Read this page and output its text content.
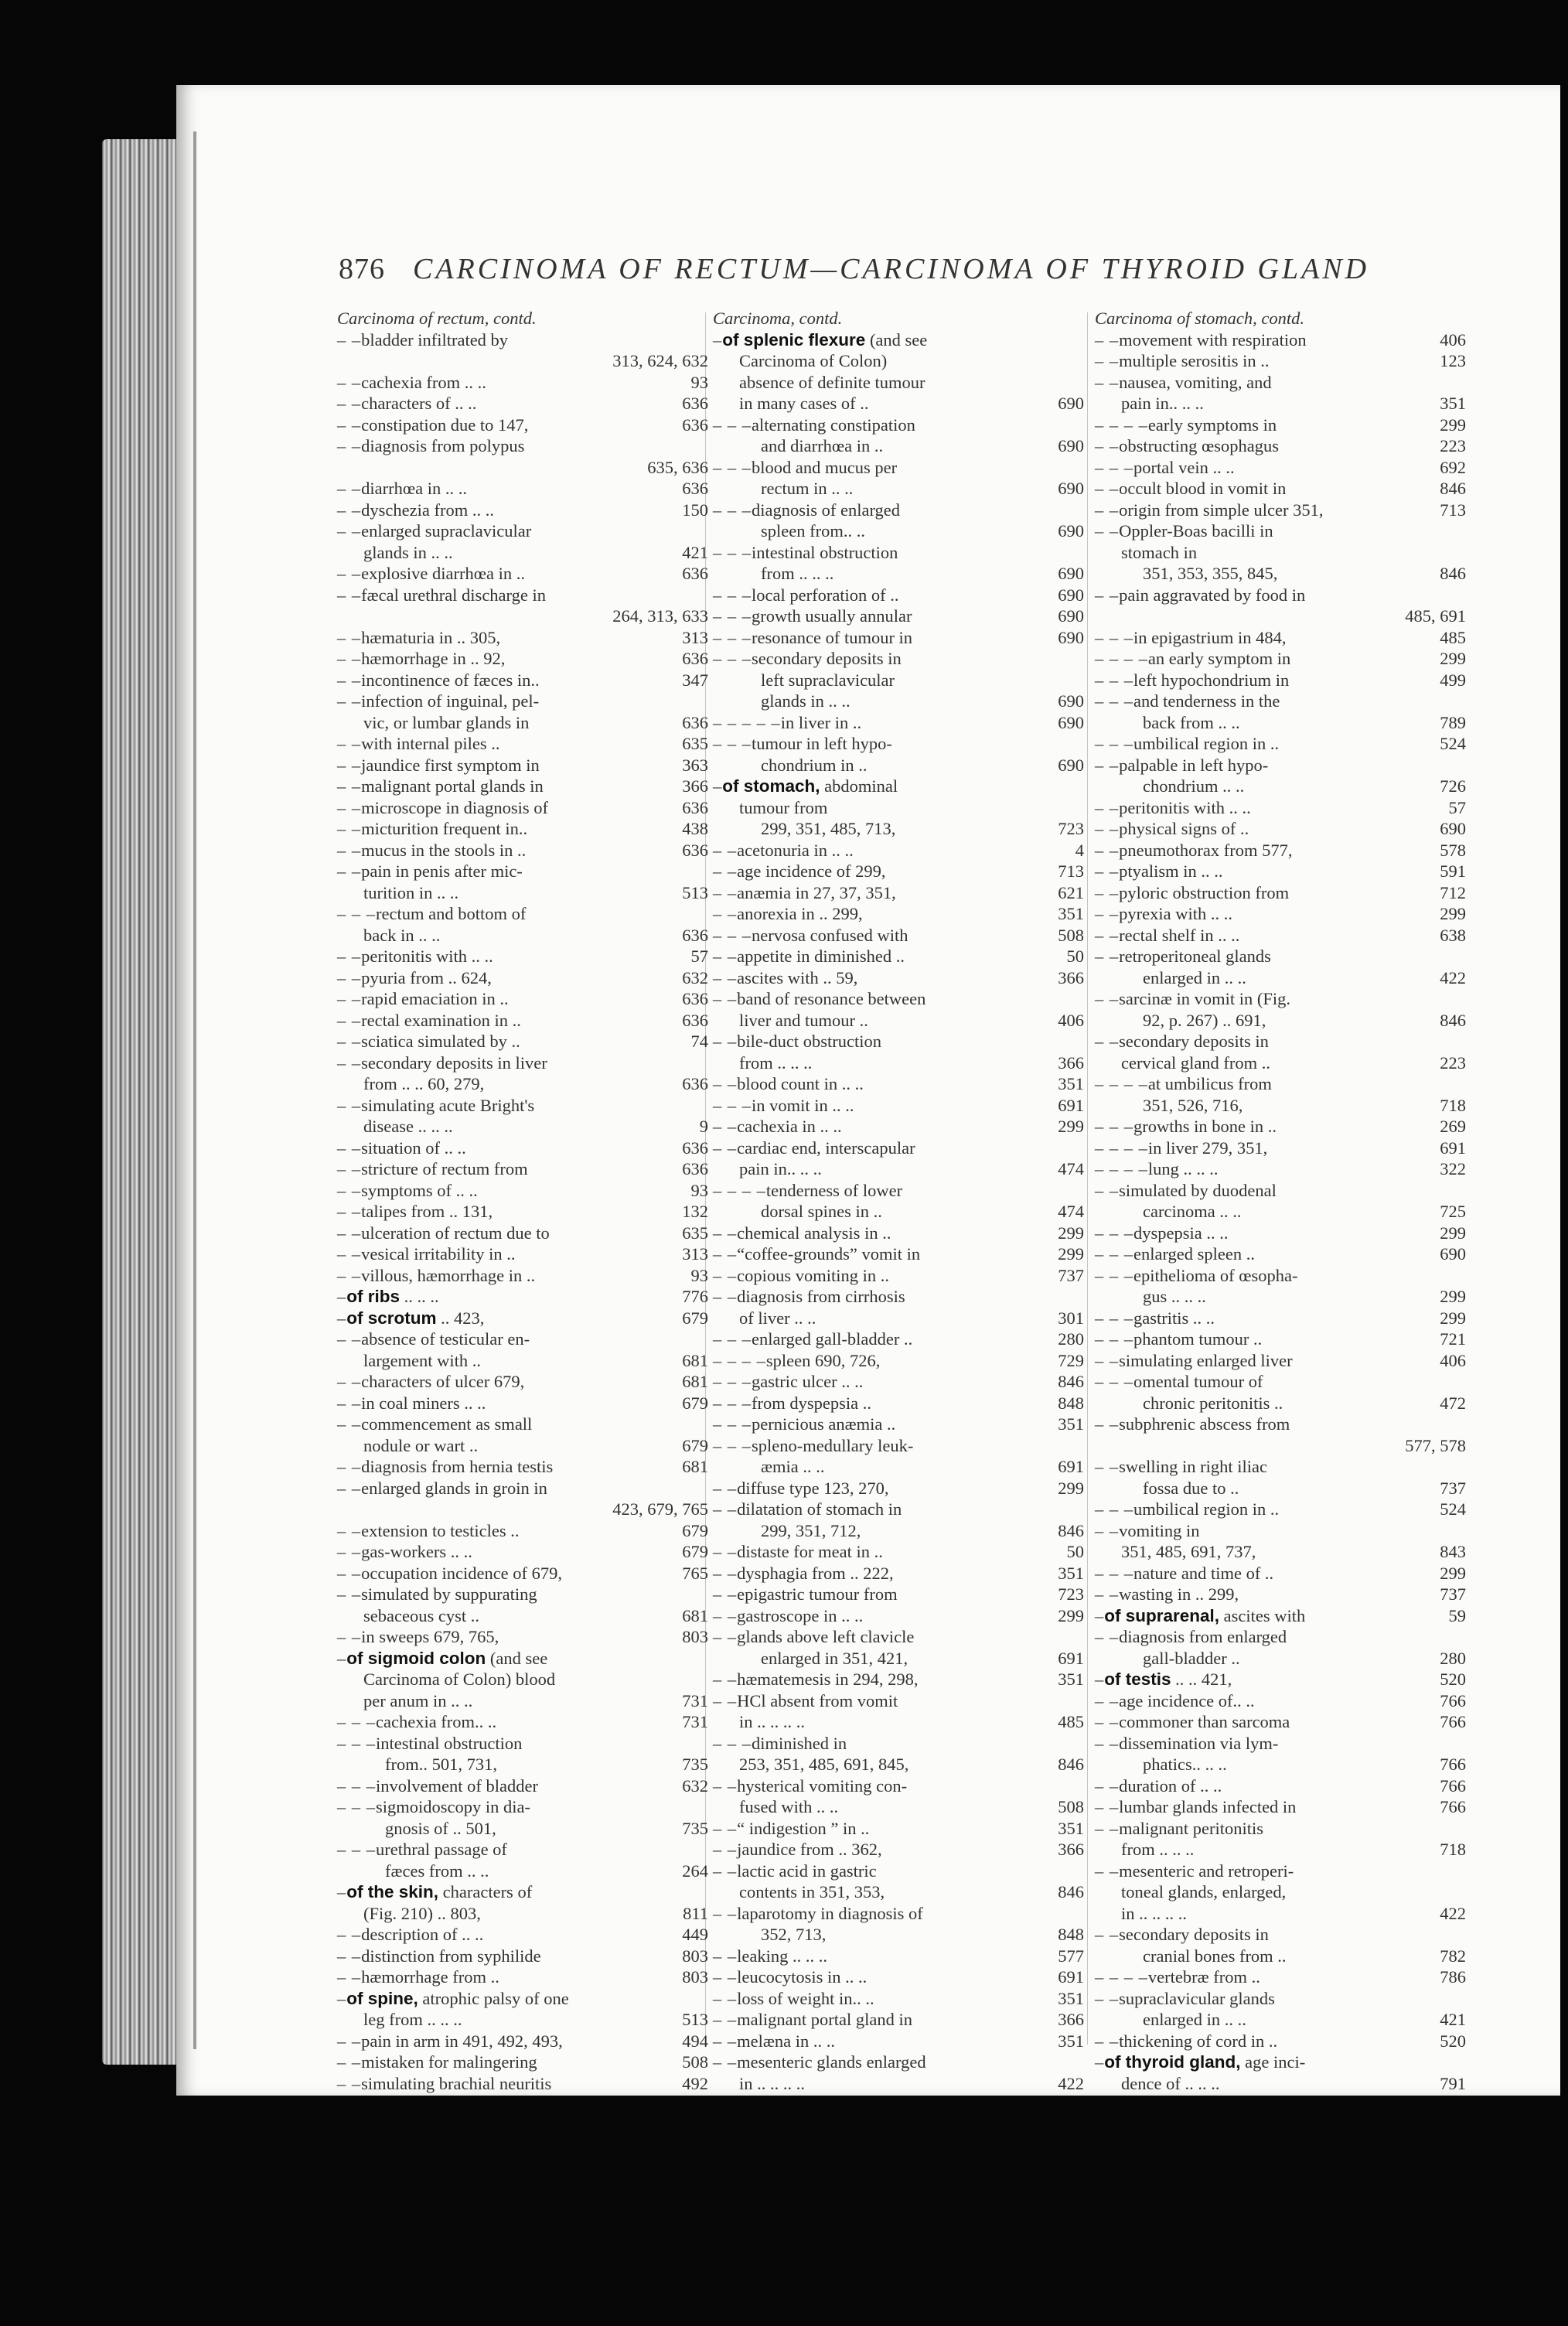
876 CARCINOMA OF RECTUM—CARCINOMA OF THYROID GLAND
Carcinoma of rectum, contd.
– – bladder infiltrated by
313, 624, 632
– – cachexia from .. ..	93
– – characters of .. ..	636
– – constipation due to 147,	636
– – diagnosis from polypus
635, 636
– – diarrhœa in .. ..	636
– – dyschezia from .. ..	150
– – enlarged supraclavicular
glands in .. ..	421
– – explosive diarrhœa in ..	636
– – fæcal urethral discharge in
264, 313, 633
– – hæmaturia in .. 305,	313
– – hæmorrhage in .. 92,	636
– – incontinence of fæces in..	347
– – infection of inguinal, pel-
vic, or lumbar glands in	636
– – with internal piles ..	635
– – jaundice first symptom in	363
– – malignant portal glands in	366
– – microscope in diagnosis of	636
– – micturition frequent in..	438
– – mucus in the stools in ..	636
– – pain in penis after mic-
turition in .. ..	513
– – – rectum and bottom of
back in .. ..	636
– – peritonitis with .. ..	57
– – pyuria from .. 624,	632
– – rapid emaciation in ..	636
– – rectal examination in ..	636
– – sciatica simulated by ..	74
– – secondary deposits in liver
from .. .. 60, 279,	636
– – simulating acute Bright's
disease .. .. ..	9
– – situation of .. ..	636
– – stricture of rectum from	636
– – symptoms of .. ..	93
– – talipes from .. 131,	132
– – ulceration of rectum due to	635
– – vesical irritability in ..	313
– – villous, hæmorrhage in ..	93
– of ribs .. .. ..	776
– of scrotum .. 423,	679
– – absence of testicular en-
largement with ..	681
– – characters of ulcer 679,	681
– – in coal miners .. ..	679
– – commencement as small
nodule or wart ..	679
– – diagnosis from hernia testis	681
– – enlarged glands in groin in
423, 679, 765
– – extension to testicles ..	679
– – gas-workers .. ..	679
– – occupation incidence of 679,	765
– – simulated by suppurating
sebaceous cyst ..	681
– – in sweeps 679, 765,	803
– of sigmoid colon (and see
Carcinoma of Colon) blood
per anum in .. ..	731
– – – cachexia from.. ..	731
– – – intestinal obstruction
from.. 501, 731,	735
– – – involvement of bladder	632
– – – sigmoidoscopy in dia-
gnosis of .. 501,	735
– – – urethral passage of
fæces from .. ..	264
– of the skin, characters of
(Fig. 210) .. 803,	811
– – description of .. ..	449
– – distinction from syphilide	803
– – hæmorrhage from ..	803
– of spine, atrophic palsy of one
leg from .. .. ..	513
– – pain in arm in 491, 492, 493,	494
– – mistaken for malingering	508
– – simulating brachial neuritis	492
Carcinoma, contd.
– of splenic flexure (and see
Carcinoma of Colon)
absence of definite tumour
in many cases of ..	690
– – – alternating constipation
and diarrhœa in ..	690
– – – blood and mucus per
rectum in .. ..	690
– – – diagnosis of enlarged
spleen from.. ..	690
– – – intestinal obstruction
from .. .. ..	690
– – – local perforation of ..	690
– – – growth usually annular	690
– – – resonance of tumour in	690
– – – secondary deposits in
left supraclavicular
glands in .. ..	690
– – – – – in liver in ..	690
– – – tumour in left hypo-
chondrium in ..	690
– of stomach, abdominal
tumour from
299, 351, 485, 713,	723
– – acetonuria in .. ..	4
– – age incidence of 299,	713
– – anæmia in 27, 37, 351,	621
– – anorexia in .. 299,	351
– – – nervosa confused with	508
– – appetite in diminished ..	50
– – ascites with .. 59,	366
– – band of resonance between
liver and tumour ..	406
– – bile-duct obstruction
from .. .. ..	366
– – blood count in .. ..	351
– – – in vomit in .. ..	691
– – cachexia in .. ..	299
– – cardiac end, interscapular
pain in.. .. ..	474
– – – – tenderness of lower
dorsal spines in ..	474
– – chemical analysis in ..	299
– – “coffee-grounds” vomit in	299
– – copious vomiting in ..	737
– – diagnosis from cirrhosis
of liver .. ..	301
– – – enlarged gall-bladder ..	280
– – – – spleen 690, 726,	729
– – – gastric ulcer .. ..	846
– – – from dyspepsia ..	848
– – – pernicious anæmia ..	351
– – – spleno-medullary leuk-
æmia .. ..	691
– – diffuse type 123, 270,	299
– – dilatation of stomach in
299, 351, 712,	846
– – distaste for meat in ..	50
– – dysphagia from .. 222,	351
– – epigastric tumour from	723
– – gastroscope in .. ..	299
– – glands above left clavicle
enlarged in 351, 421,	691
– – hæmatemesis in 294, 298,	351
– – HCl absent from vomit
in .. .. .. ..	485
– – – diminished in
253, 351, 485, 691, 845,	846
– – hysterical vomiting con-
fused with .. ..	508
– – “ indigestion ” in ..	351
– – jaundice from .. 362,	366
– – lactic acid in gastric
contents in 351, 353,	846
– – laparotomy in diagnosis of
352, 713,	848
– – leaking .. .. ..	577
– – leucocytosis in .. ..	691
– – loss of weight in.. ..	351
– – malignant portal gland in	366
– – melæna in .. ..	351
– – mesenteric glands enlarged
in .. .. .. ..	422
Carcinoma of stomach, contd.
– – movement with respiration	406
– – multiple serositis in ..	123
– – nausea, vomiting, and
pain in.. .. ..	351
– – – – early symptoms in	299
– – obstructing œsophagus	223
– – – portal vein .. ..	692
– – occult blood in vomit in	846
– – origin from simple ulcer 351,	713
– – Oppler-Boas bacilli in
stomach in
351, 353, 355, 845,	846
– – pain aggravated by food in
485, 691
– – – in epigastrium in 484,	485
– – – – an early symptom in	299
– – – left hypochondrium in	499
– – – and tenderness in the
back from .. ..	789
– – – umbilical region in ..	524
– – palpable in left hypo-
chondrium .. ..	726
– – peritonitis with .. ..	57
– – physical signs of ..	690
– – pneumothorax from 577,	578
– – ptyalism in .. ..	591
– – pyloric obstruction from	712
– – pyrexia with .. ..	299
– – rectal shelf in .. ..	638
– – retroperitoneal glands
enlarged in .. ..	422
– – sarcinæ in vomit in (Fig.
92, p. 267) .. 691,	846
– – secondary deposits in
cervical gland from ..	223
– – – – at umbilicus from
351, 526, 716,	718
– – – growths in bone in ..	269
– – – – in liver 279, 351,	691
– – – – lung .. .. ..	322
– – simulated by duodenal
carcinoma .. ..	725
– – – dyspepsia .. ..	299
– – – enlarged spleen ..	690
– – – epithelioma of œsopha-
gus .. .. ..	299
– – – gastritis .. ..	299
– – – phantom tumour ..	721
– – simulating enlarged liver	406
– – – omental tumour of
chronic peritonitis ..	472
– – subphrenic abscess from
577, 578
– – swelling in right iliac
fossa due to ..	737
– – – umbilical region in ..	524
– – vomiting in
351, 485, 691, 737,	843
– – – nature and time of ..	299
– – wasting in .. 299,	737
– of suprarenal, ascites with	59
– – diagnosis from enlarged
gall-bladder ..	280
– of testis .. .. 421,	520
– – age incidence of.. ..	766
– – commoner than sarcoma	766
– – dissemination via lym-
phatics.. .. ..	766
– – duration of .. ..	766
– – lumbar glands infected in	766
– – malignant peritonitis
from .. .. ..	718
– – mesenteric and retroperi-
toneal glands, enlarged,
in .. .. .. ..	422
– – secondary deposits in
cranial bones from ..	782
– – – – vertebræ from ..	786
– – supraclavicular glands
enlarged in .. ..	421
– – thickening of cord in ..	520
– of thyroid gland, age inci-
dence of .. .. ..	791
